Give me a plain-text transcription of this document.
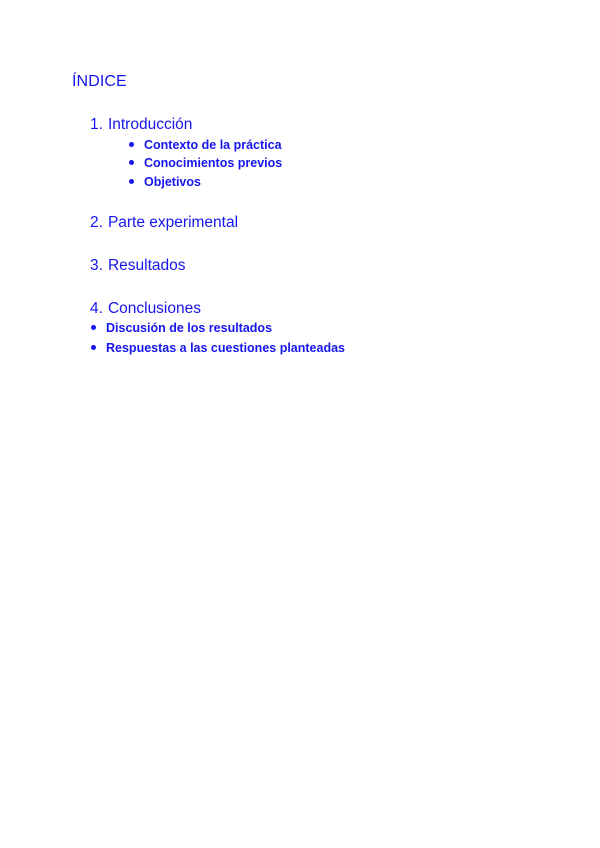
ÍNDICE
1. Introducción
Contexto de la práctica
Conocimientos previos
Objetivos
2. Parte experimental
3. Resultados
4. Conclusiones
Discusión de los resultados
Respuestas a las cuestiones planteadas
